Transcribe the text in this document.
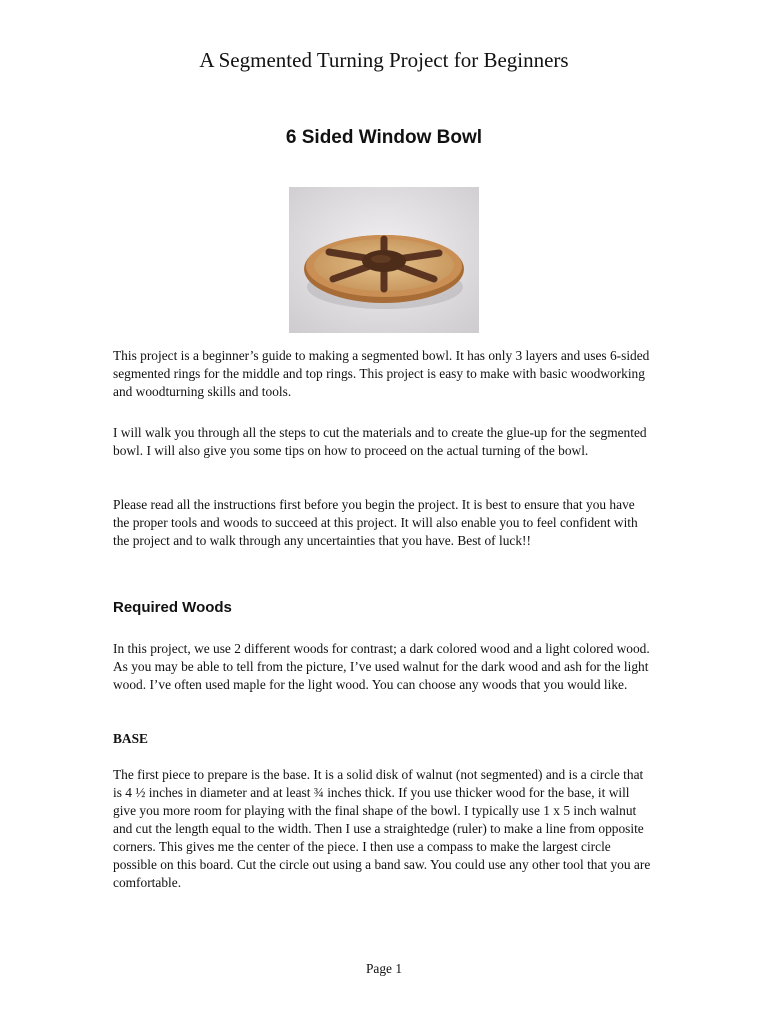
A Segmented Turning Project for Beginners
6 Sided Window Bowl

This project is a beginner’s guide to making a segmented bowl. It has only 3 layers and uses 6-sided segmented rings for the middle and top rings. This project is easy to make with basic woodworking and woodturning skills and tools.

I will walk you through all the steps to cut the materials and to create the glue-up for the segmented bowl. I will also give you some tips on how to proceed on the actual turning of the bowl.

Please read all the instructions first before you begin the project. It is best to ensure that you have the proper tools and woods to succeed at this project. It will also enable you to feel confident with the project and to walk through any uncertainties that you have. Best of luck!!

Required Woods

In this project, we use 2 different woods for contrast; a dark colored wood and a light colored wood. As you may be able to tell from the picture, I’ve used walnut for the dark wood and ash for the light wood. I’ve often used maple for the light wood. You can choose any woods that you would like.

BASE

The first piece to prepare is the base. It is a solid disk of walnut (not segmented) and is a circle that is 4 ½ inches in diameter and at least ¾ inches thick. If you use thicker wood for the base, it will give you more room for playing with the final shape of the bowl. I typically use 1 x 5 inch walnut and cut the length equal to the width. Then I use a straightedge (ruler) to make a line from opposite corners. This gives me the center of the piece. I then use a compass to make the largest circle possible on this board. Cut the circle out using a band saw. You could use any other tool that you are comfortable.

Page 1
